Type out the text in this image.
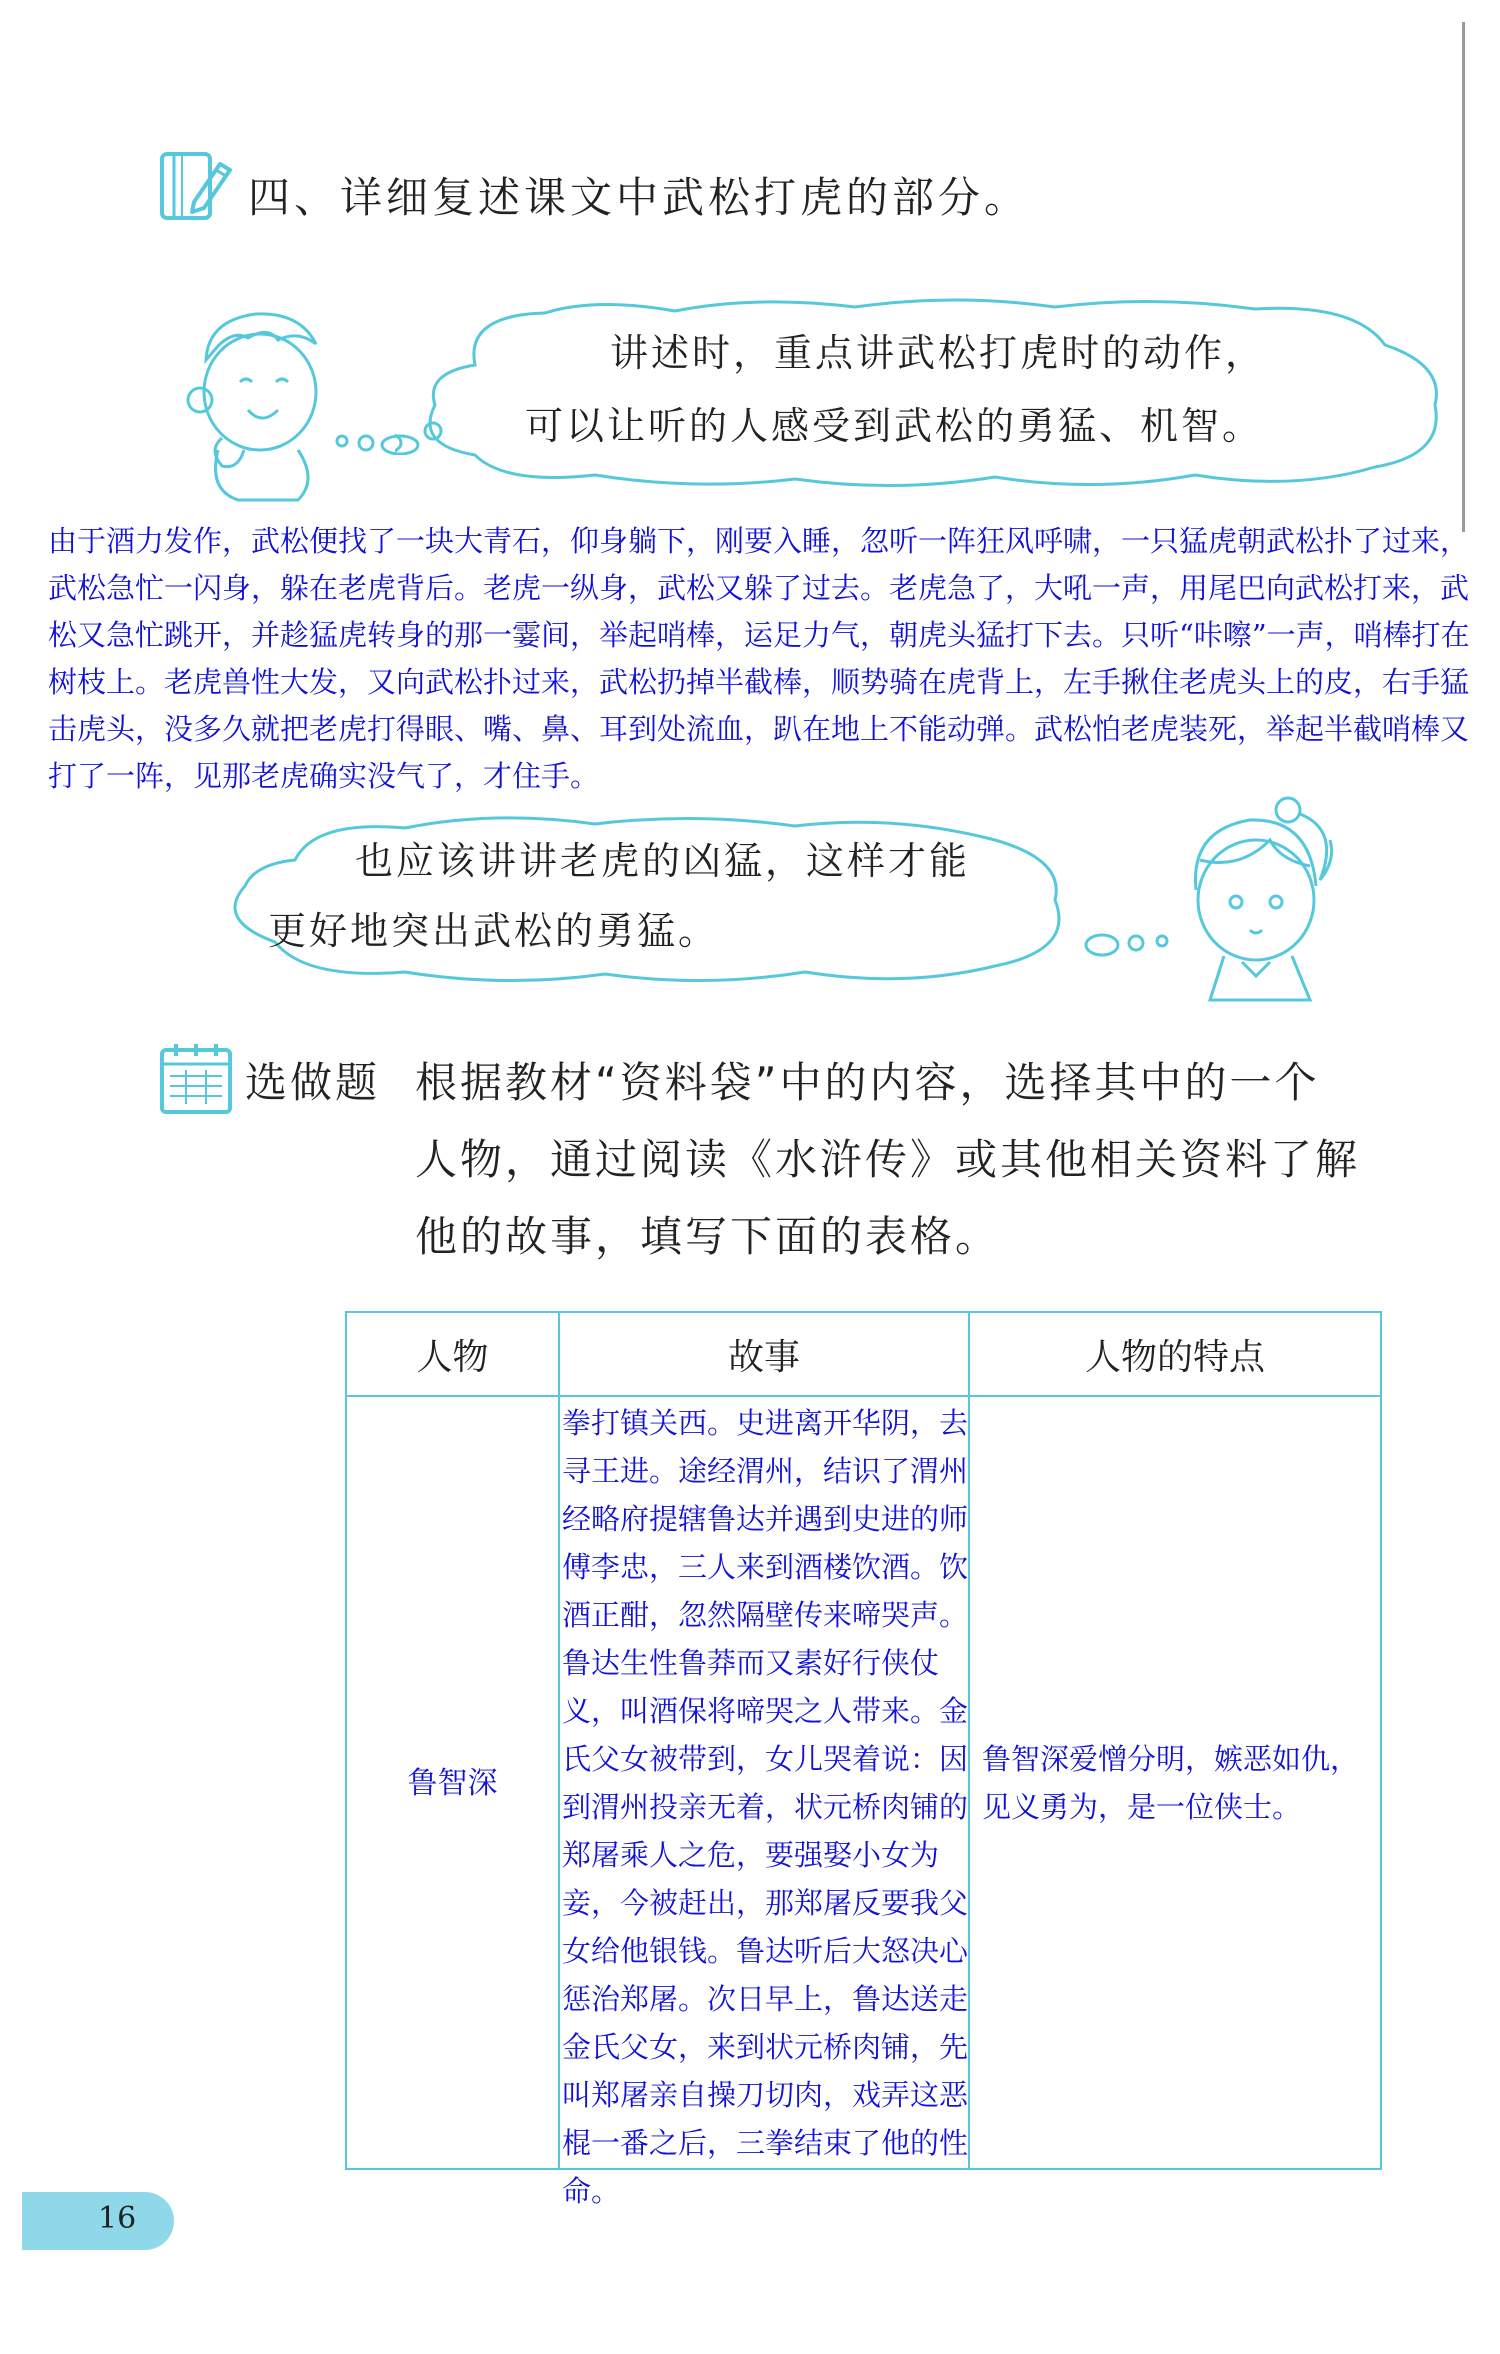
四、详细复述课文中武松打虎的部分。
讲述时，重点讲武松打虎时的动作，
可以让听的人感受到武松的勇猛、机智。
由于酒力发作，武松便找了一块大青石，仰身躺下，刚要入睡，忽听一阵狂风呼啸，一只猛虎朝武松扑了过来，武松急忙一闪身，躲在老虎背后。老虎一纵身，武松又躲了过去。老虎急了，大吼一声，用尾巴向武松打来，武松又急忙跳开，并趁猛虎转身的那一霎间，举起哨棒，运足力气，朝虎头猛打下去。只听“咔嚓”一声，哨棒打在树枝上。老虎兽性大发，又向武松扑过来，武松扔掉半截棒，顺势骑在虎背上，左手揪住老虎头上的皮，右手猛击虎头，没多久就把老虎打得眼、嘴、鼻、耳到处流血，趴在地上不能动弹。武松怕老虎装死，举起半截哨棒又打了一阵，见那老虎确实没气了，才住手。
也应该讲讲老虎的凶猛，这样才能
更好地突出武松的勇猛。
选做题 根据教材“资料袋”中的内容，选择其中的一个
人物，通过阅读《水浒传》或其他相关资料了解
他的故事，填写下面的表格。
人物	故事	人物的特点
鲁智深	拳打镇关西。史进离开华阴，去寻王进。途经渭州，结识了渭州经略府提辖鲁达并遇到史进的师傅李忠，三人来到酒楼饮酒。饮酒正酣，忽然隔壁传来啼哭声。鲁达生性鲁莽而又素好行侠仗义，叫酒保将啼哭之人带来。金氏父女被带到，女儿哭着说：因到渭州投亲无着，状元桥肉铺的郑屠乘人之危，要强娶小女为妾，今被赶出，那郑屠反要我父女给他银钱。鲁达听后大怒决心惩治郑屠。次日早上，鲁达送走金氏父女，来到状元桥肉铺，先叫郑屠亲自操刀切肉，戏弄这恶棍一番之后，三拳结束了他的性命。	鲁智深爱憎分明，嫉恶如仇，见义勇为，是一位侠士。
16
